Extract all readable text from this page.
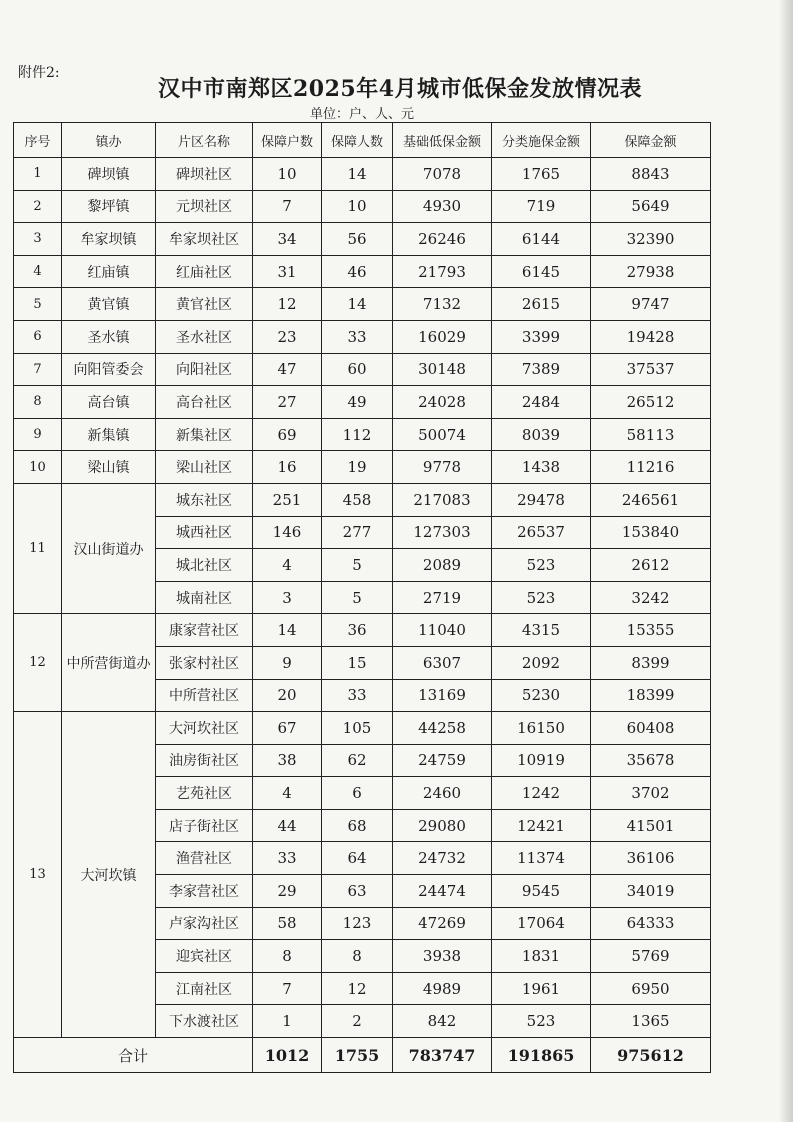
附件2:
汉中市南郑区2025年4月城市低保金发放情况表
单位：户、人、元
序号	镇办	片区名称	保障户数	保障人数	基础低保金额	分类施保金额	保障金额
1	碑坝镇	碑坝社区	10	14	7078	1765	8843
2	黎坪镇	元坝社区	7	10	4930	719	5649
3	牟家坝镇	牟家坝社区	34	56	26246	6144	32390
4	红庙镇	红庙社区	31	46	21793	6145	27938
5	黄官镇	黄官社区	12	14	7132	2615	9747
6	圣水镇	圣水社区	23	33	16029	3399	19428
7	向阳管委会	向阳社区	47	60	30148	7389	37537
8	高台镇	高台社区	27	49	24028	2484	26512
9	新集镇	新集社区	69	112	50074	8039	58113
10	梁山镇	梁山社区	16	19	9778	1438	11216
11	汉山街道办	城东社区	251	458	217083	29478	246561
		城西社区	146	277	127303	26537	153840
		城北社区	4	5	2089	523	2612
		城南社区	3	5	2719	523	3242
12	中所营街道办	康家营社区	14	36	11040	4315	15355
		张家村社区	9	15	6307	2092	8399
		中所营社区	20	33	13169	5230	18399
13	大河坎镇	大河坎社区	67	105	44258	16150	60408
		油房街社区	38	62	24759	10919	35678
		艺苑社区	4	6	2460	1242	3702
		店子街社区	44	68	29080	12421	41501
		渔营社区	33	64	24732	11374	36106
		李家营社区	29	63	24474	9545	34019
		卢家沟社区	58	123	47269	17064	64333
		迎宾社区	8	8	3938	1831	5769
		江南社区	7	12	4989	1961	6950
		下水渡社区	1	2	842	523	1365
合计			1012	1755	783747	191865	975612
